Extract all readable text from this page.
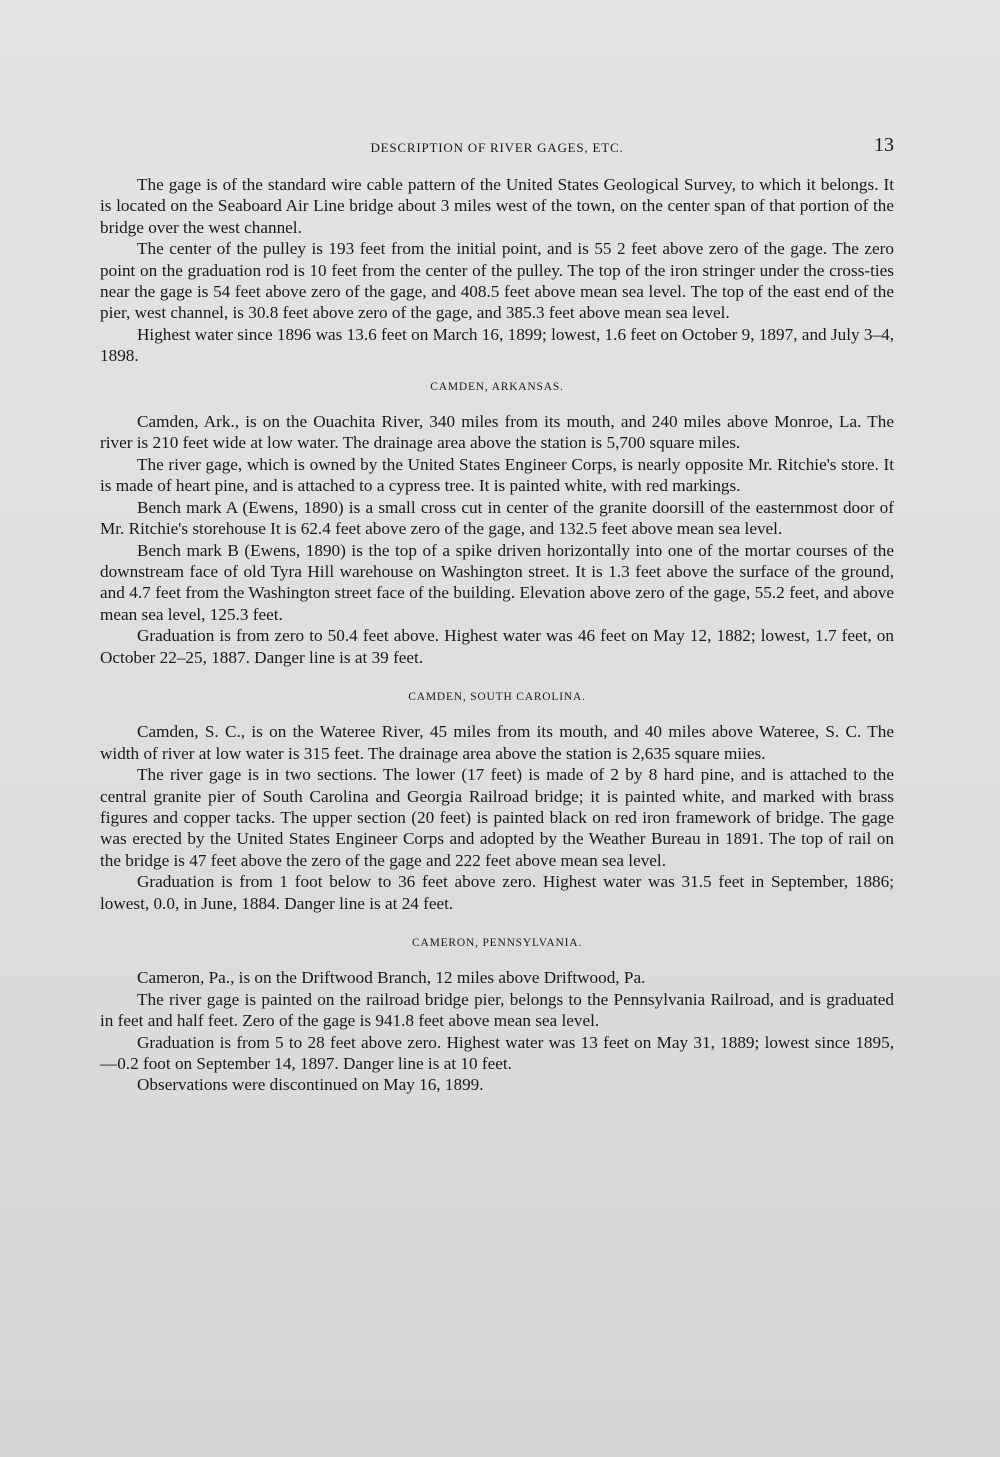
DESCRIPTION OF RIVER GAGES, ETC.	13

The gage is of the standard wire cable pattern of the United States Geological Survey, to which it belongs. It is located on the Seaboard Air Line bridge about 3 miles west of the town, on the center span of that portion of the bridge over the west channel.

The center of the pulley is 193 feet from the initial point, and is 55 2 feet above zero of the gage. The zero point on the graduation rod is 10 feet from the center of the pulley. The top of the iron stringer under the cross-ties near the gage is 54 feet above zero of the gage, and 408.5 feet above mean sea level. The top of the east end of the pier, west channel, is 30.8 feet above zero of the gage, and 385.3 feet above mean sea level.

Highest water since 1896 was 13.6 feet on March 16, 1899; lowest, 1.6 feet on October 9, 1897, and July 3–4, 1898.

CAMDEN, ARKANSAS.

Camden, Ark., is on the Ouachita River, 340 miles from its mouth, and 240 miles above Monroe, La. The river is 210 feet wide at low water. The drainage area above the station is 5,700 square miles.

The river gage, which is owned by the United States Engineer Corps, is nearly opposite Mr. Ritchie's store. It is made of heart pine, and is attached to a cypress tree. It is painted white, with red markings.

Bench mark A (Ewens, 1890) is a small cross cut in center of the granite doorsill of the easternmost door of Mr. Ritchie's storehouse It is 62.4 feet above zero of the gage, and 132.5 feet above mean sea level.

Bench mark B (Ewens, 1890) is the top of a spike driven horizontally into one of the mortar courses of the downstream face of old Tyra Hill warehouse on Washington street. It is 1.3 feet above the surface of the ground, and 4.7 feet from the Washington street face of the building. Elevation above zero of the gage, 55.2 feet, and above mean sea level, 125.3 feet.

Graduation is from zero to 50.4 feet above. Highest water was 46 feet on May 12, 1882; lowest, 1.7 feet, on October 22–25, 1887. Danger line is at 39 feet.

CAMDEN, SOUTH CAROLINA.

Camden, S. C., is on the Wateree River, 45 miles from its mouth, and 40 miles above Wateree, S. C. The width of river at low water is 315 feet. The drainage area above the station is 2,635 square miies.

The river gage is in two sections. The lower (17 feet) is made of 2 by 8 hard pine, and is attached to the central granite pier of South Carolina and Georgia Railroad bridge; it is painted white, and marked with brass figures and copper tacks. The upper section (20 feet) is painted black on red iron framework of bridge. The gage was erected by the United States Engineer Corps and adopted by the Weather Bureau in 1891. The top of rail on the bridge is 47 feet above the zero of the gage and 222 feet above mean sea level.

Graduation is from 1 foot below to 36 feet above zero. Highest water was 31.5 feet in September, 1886; lowest, 0.0, in June, 1884. Danger line is at 24 feet.

CAMERON, PENNSYLVANIA.

Cameron, Pa., is on the Driftwood Branch, 12 miles above Driftwood, Pa.

The river gage is painted on the railroad bridge pier, belongs to the Pennsylvania Railroad, and is graduated in feet and half feet. Zero of the gage is 941.8 feet above mean sea level.

Graduation is from 5 to 28 feet above zero. Highest water was 13 feet on May 31, 1889; lowest since 1895, —0.2 foot on September 14, 1897. Danger line is at 10 feet.

Observations were discontinued on May 16, 1899.
